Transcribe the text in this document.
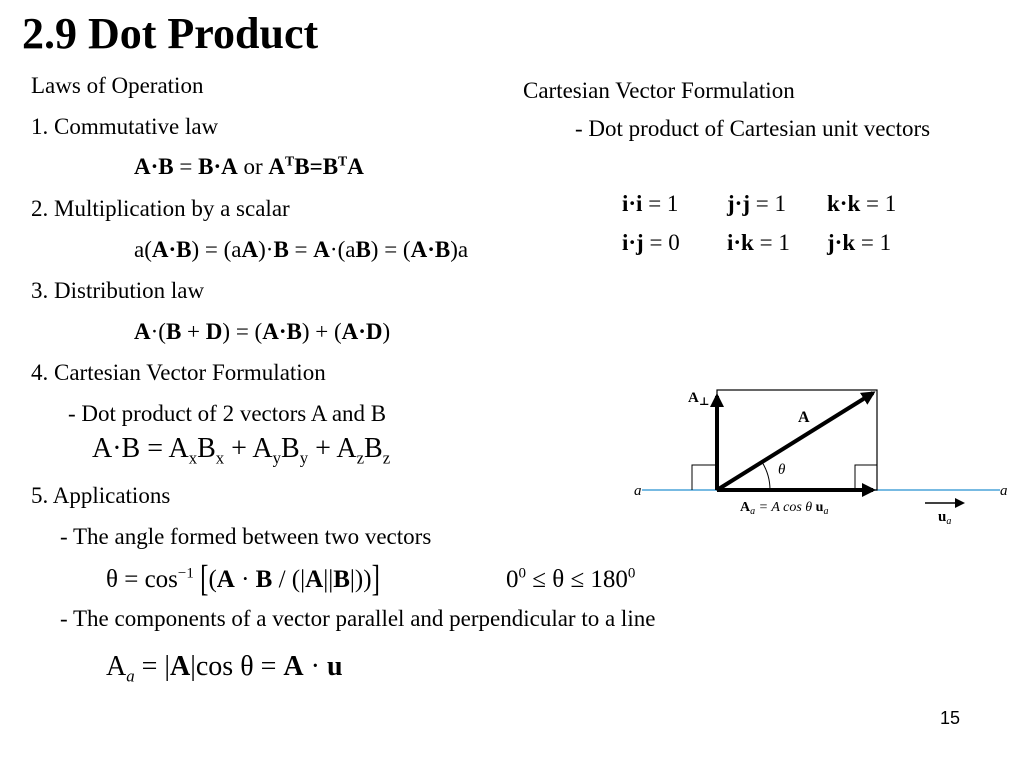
2.9 Dot Product
Laws of Operation
1. Commutative law
A·B = B·A or $A^TB=B^TA$
2. Multiplication by a scalar
a(A·B) = (aA)·B = A·(aB) = (A·B)a
3. Distribution law
A·(B + D) = (A·B) + (A·D)
4. Cartesian Vector Formulation
- Dot product of 2 vectors A and B
$A\cdot B = A_xB_x + A_yB_y + A_zB_z$
5. Applications
- The angle formed between two vectors
$\theta = \cos^{-1} [(A \cdot B / (|A||B|))]$	$0^0 \le \theta \le 180^0$
- The components of a vector parallel and perpendicular to a line
$A_a = |A|\cos$ θ = A · u
Cartesian Vector Formulation
- Dot product of Cartesian unit vectors
i·i = 1 j·j = 1 k·k = 1
i·j = 0 i·k = 1 j·k = 1
$A_\perp$
A
θ
a	a
$A_a = A$ cos θ $u_a$	$u_a$
15
